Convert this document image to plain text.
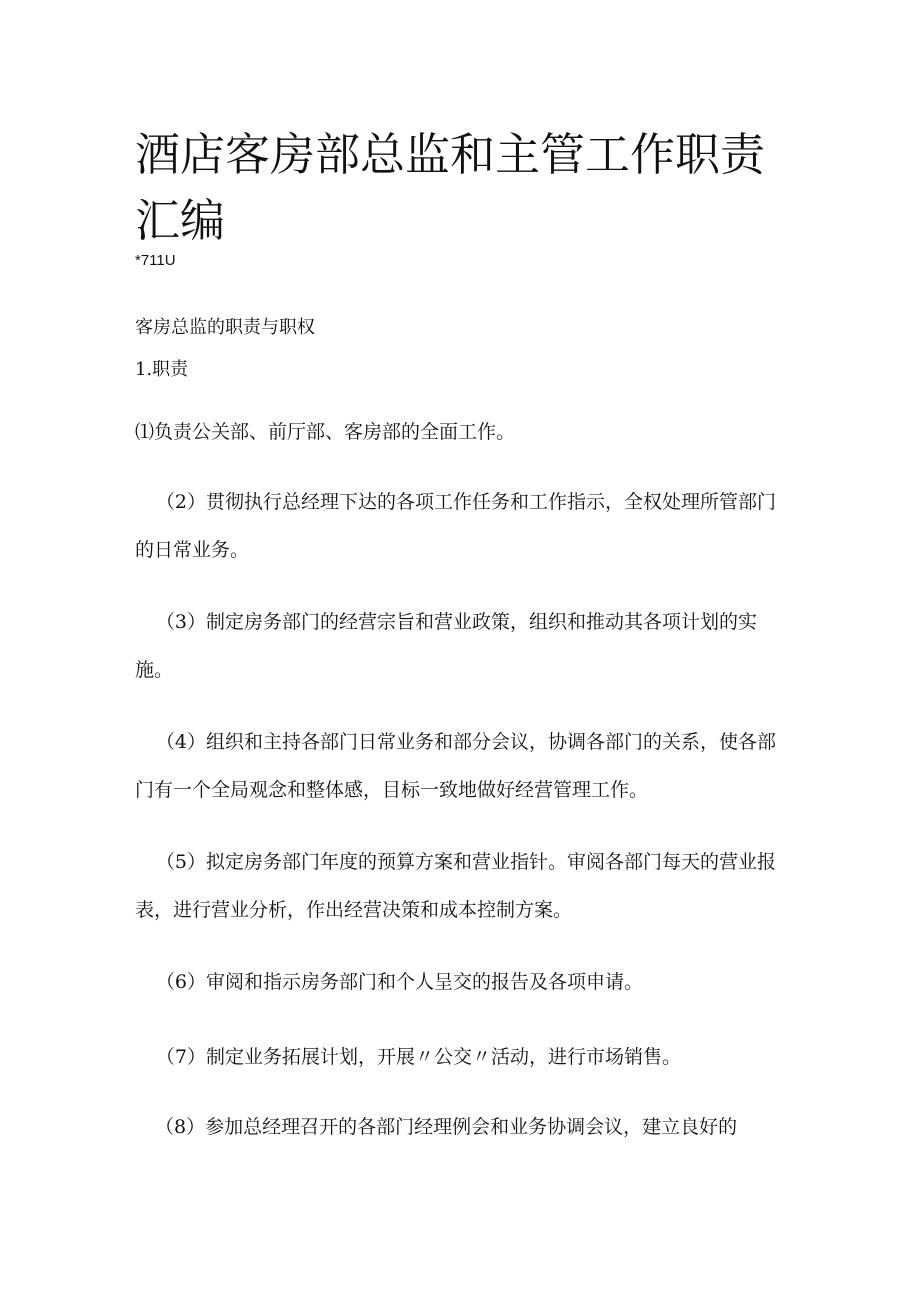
酒店客房部总监和主管工作职责汇编
*711U
客房总监的职责与职权
1.职责

⑴负责公关部、前厅部、客房部的全面工作。

（2）贯彻执行总经理下达的各项工作任务和工作指示，全权处理所管部门的日常业务。

（3）制定房务部门的经营宗旨和营业政策，组织和推动其各项计划的实施。

（4）组织和主持各部门日常业务和部分会议，协调各部门的关系，使各部门有一个全局观念和整体感，目标一致地做好经营管理工作。

（5）拟定房务部门年度的预算方案和营业指针。审阅各部门每天的营业报表，进行营业分析，作出经营决策和成本控制方案。

（6）审阅和指示房务部门和个人呈交的报告及各项申请。

（7）制定业务拓展计划，开展〃公交〃活动，进行市场销售。

（8）参加总经理召开的各部门经理例会和业务协调会议，建立良好的
